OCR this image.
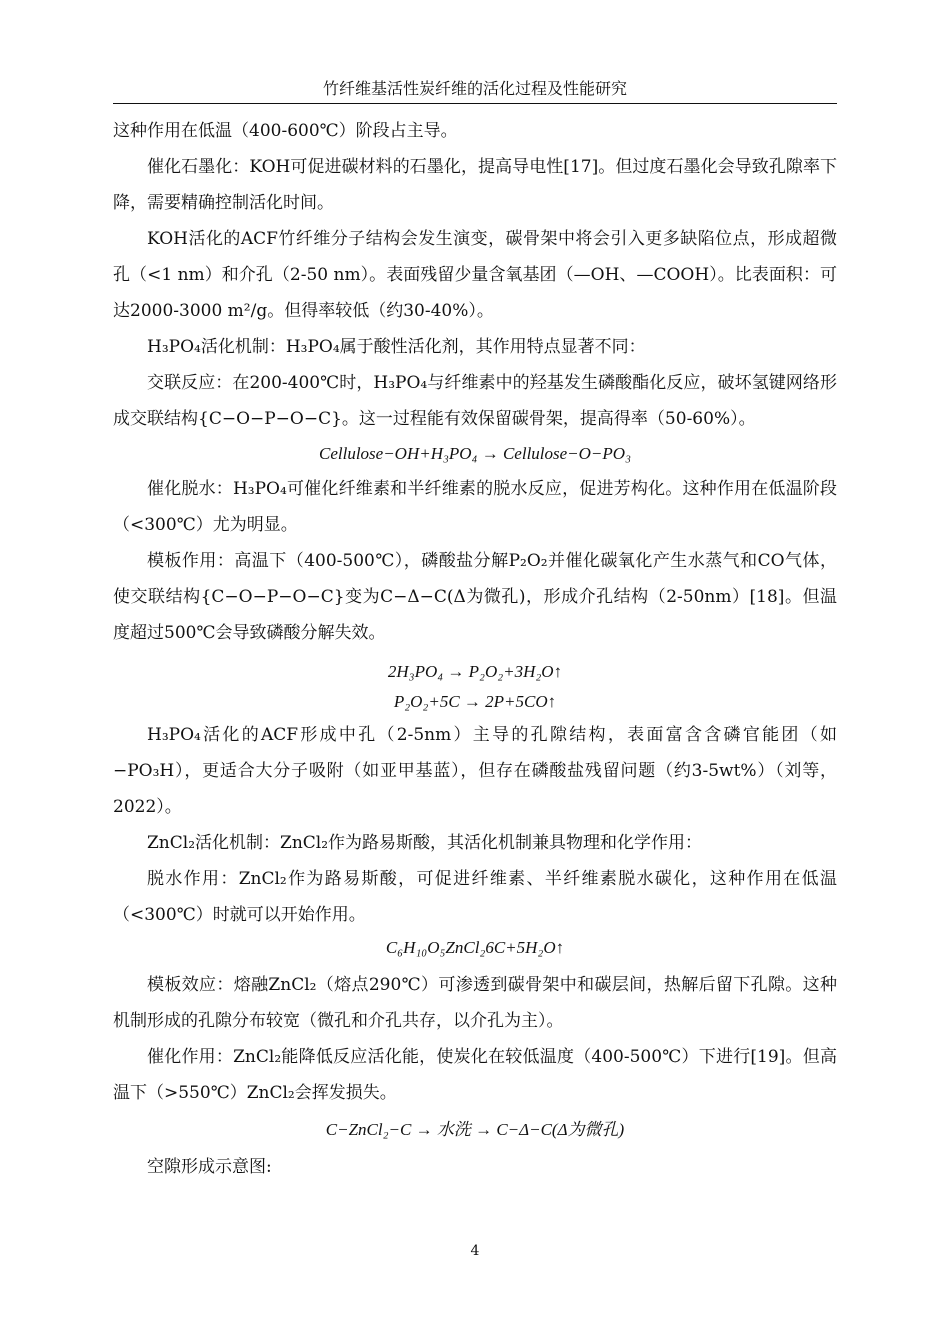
竹纤维基活性炭纤维的活化过程及性能研究

这种作用在低温（400-600℃）阶段占主导。

催化石墨化：KOH可促进碳材料的石墨化，提高导电性[17]。但过度石墨化会导致孔隙率下降，需要精确控制活化时间。

KOH活化的ACF竹纤维分子结构会发生演变，碳骨架中将会引入更多缺陷位点，形成超微孔（<1 nm）和介孔（2-50 nm）。表面残留少量含氧基团（—OH、—COOH）。比表面积：可达2000-3000 m²/g。但得率较低（约30-40%）。

H₃PO₄活化机制：H₃PO₄属于酸性活化剂，其作用特点显著不同：

交联反应：在200-400℃时，H₃PO₄与纤维素中的羟基发生磷酸酯化反应，破坏氢键网络形成交联结构{C−O−P−O−C}。这一过程能有效保留碳骨架，提高得率（50-60%）。

Cellulose−OH+H₃PO₄ → Cellulose−O−PO₃

催化脱水：H₃PO₄可催化纤维素和半纤维素的脱水反应，促进芳构化。这种作用在低温阶段（<300℃）尤为明显。

模板作用：高温下（400-500℃），磷酸盐分解P₂O₂并催化碳氧化产生水蒸气和CO气体，使交联结构{C−O−P−O−C}变为C−Δ−C(Δ为微孔)，形成介孔结构（2-50nm）[18]。但温度超过500℃会导致磷酸分解失效。

2H₃PO₄ → P₂O₂+3H₂O↑

P₂O₂+5C → 2P+5CO↑

H₃PO₄活化的ACF形成中孔（2-5nm）主导的孔隙结构，表面富含含磷官能团（如−PO₃H），更适合大分子吸附（如亚甲基蓝），但存在磷酸盐残留问题（约3-5wt%）（刘等，2022）。

ZnCl₂活化机制：ZnCl₂作为路易斯酸，其活化机制兼具物理和化学作用：

脱水作用：ZnCl₂作为路易斯酸，可促进纤维素、半纤维素脱水碳化，这种作用在低温（<300℃）时就可以开始作用。

C₆H₁₀O₅ZnCl₂6C+5H₂O↑

模板效应：熔融ZnCl₂（熔点290℃）可渗透到碳骨架中和碳层间，热解后留下孔隙。这种机制形成的孔隙分布较宽（微孔和介孔共存，以介孔为主）。

催化作用：ZnCl₂能降低反应活化能，使炭化在较低温度（400-500℃）下进行[19]。但高温下（>550℃）ZnCl₂会挥发损失。

C−ZnCl₂−C → 水洗 → C−Δ−C(Δ为微孔)

空隙形成示意图:

4
